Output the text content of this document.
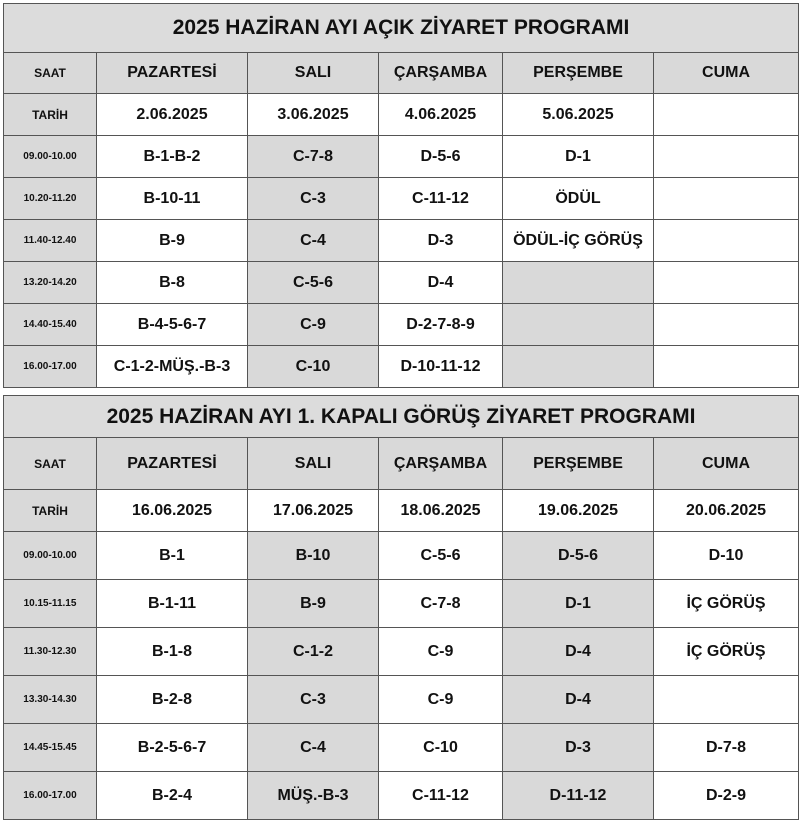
2025 HAZİRAN AYI AÇIK ZİYARET PROGRAMI					
SAAT	PAZARTESİ	SALI	ÇARŞAMBA	PERŞEMBE	CUMA
TARİH	2.06.2025	3.06.2025	4.06.2025	5.06.2025	
09.00-10.00	B-1-B-2	C-7-8	D-5-6	D-1	
10.20-11.20	B-10-11	C-3	C-11-12	ÖDÜL	
11.40-12.40	B-9	C-4	D-3	ÖDÜL-İÇ GÖRÜŞ	
13.20-14.20	B-8	C-5-6	D-4		
14.40-15.40	B-4-5-6-7	C-9	D-2-7-8-9		
16.00-17.00	C-1-2-MÜŞ.-B-3	C-10	D-10-11-12		
2025 HAZİRAN AYI 1. KAPALI GÖRÜŞ ZİYARET PROGRAMI					
SAAT	PAZARTESİ	SALI	ÇARŞAMBA	PERŞEMBE	CUMA
TARİH	16.06.2025	17.06.2025	18.06.2025	19.06.2025	20.06.2025
09.00-10.00	B-1	B-10	C-5-6	D-5-6	D-10
10.15-11.15	B-1-11	B-9	C-7-8	D-1	İÇ GÖRÜŞ
11.30-12.30	B-1-8	C-1-2	C-9	D-4	İÇ GÖRÜŞ
13.30-14.30	B-2-8	C-3	C-9	D-4	
14.45-15.45	B-2-5-6-7	C-4	C-10	D-3	D-7-8
16.00-17.00	B-2-4	MÜŞ.-B-3	C-11-12	D-11-12	D-2-9
